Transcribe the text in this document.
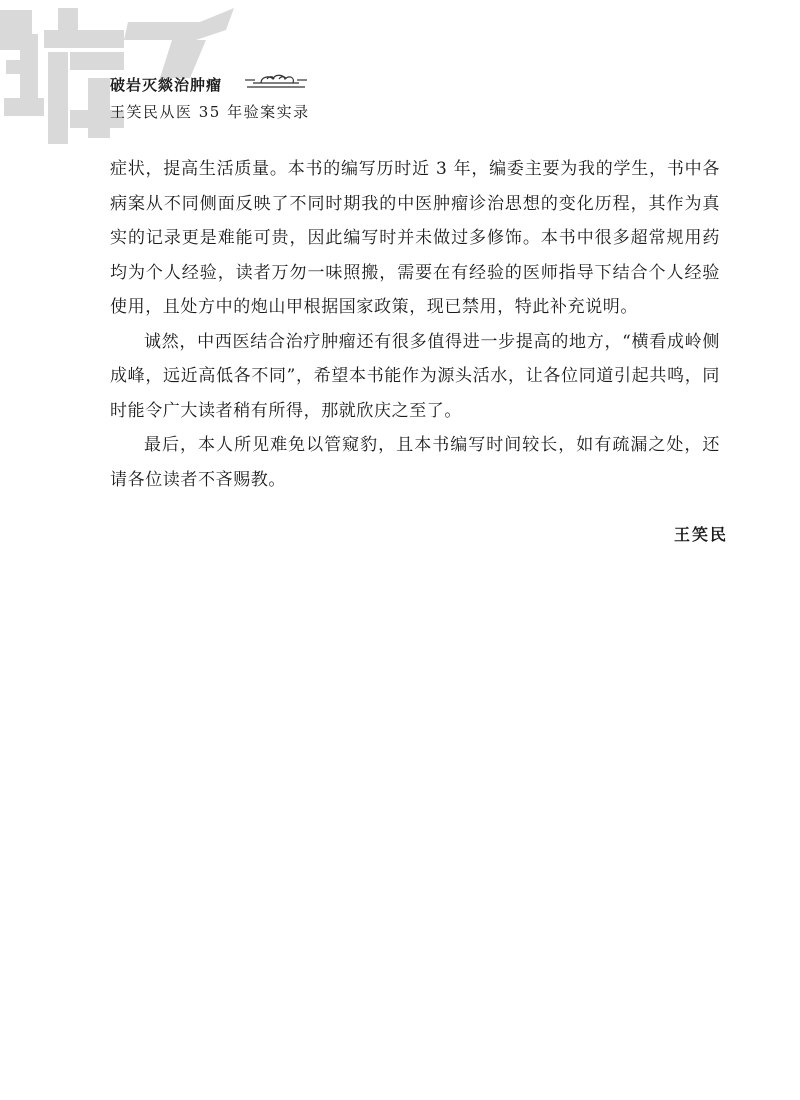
破岩灭燚治肿瘤
王笑民从医 35 年验案实录

症状，提高生活质量。本书的编写历时近 3 年，编委主要为我的学生，书中各病案从不同侧面反映了不同时期我的中医肿瘤诊治思想的变化历程，其作为真实的记录更是难能可贵，因此编写时并未做过多修饰。本书中很多超常规用药均为个人经验，读者万勿一味照搬，需要在有经验的医师指导下结合个人经验使用，且处方中的炮山甲根据国家政策，现已禁用，特此补充说明。

诚然，中西医结合治疗肿瘤还有很多值得进一步提高的地方，“横看成岭侧成峰，远近高低各不同”，希望本书能作为源头活水，让各位同道引起共鸣，同时能令广大读者稍有所得，那就欣庆之至了。

最后，本人所见难免以管窥豹，且本书编写时间较长，如有疏漏之处，还请各位读者不吝赐教。

王笑民
